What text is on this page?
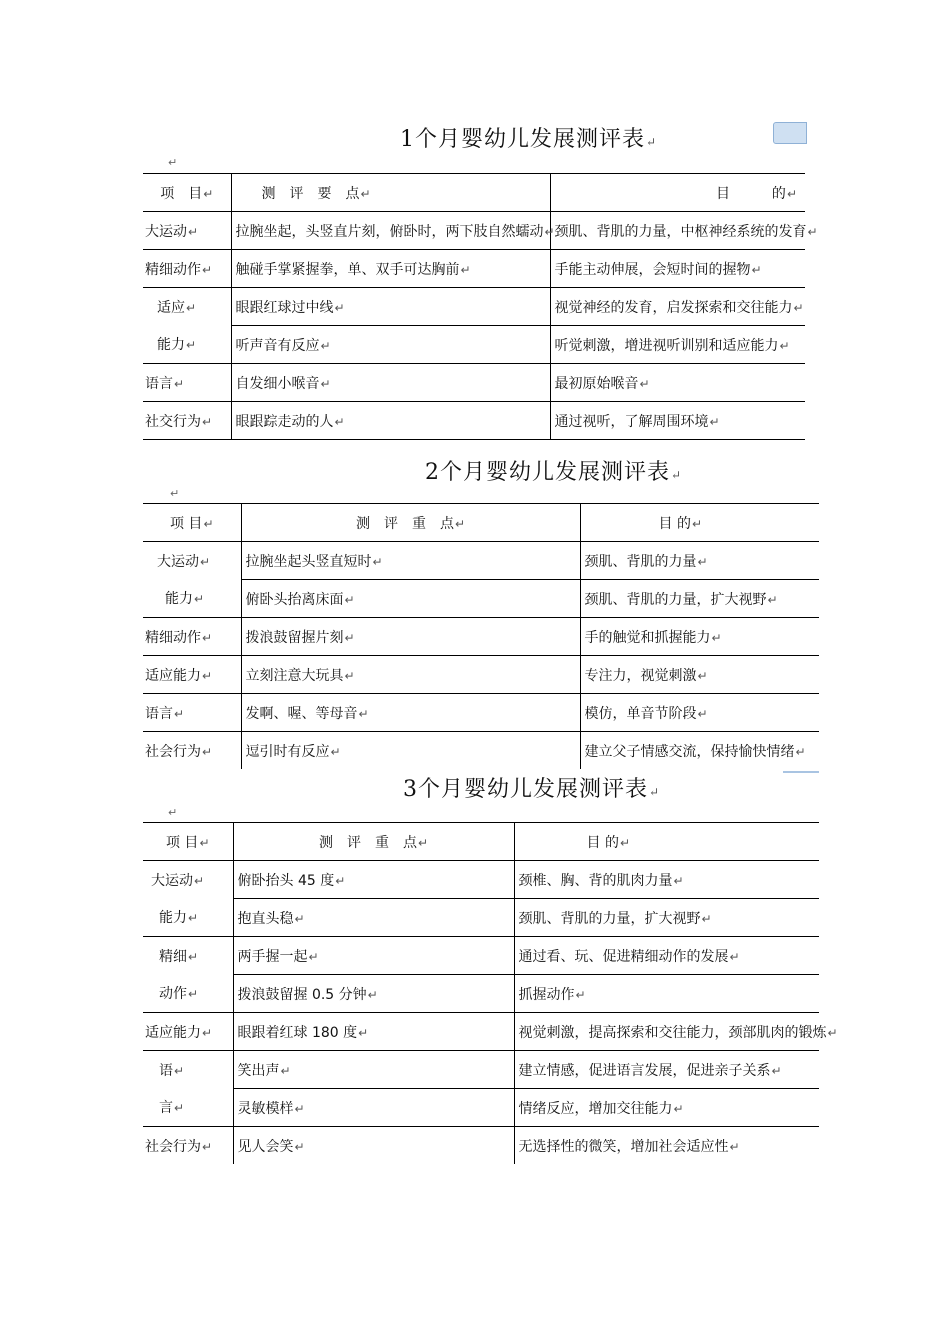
1个月婴幼儿发展测评表↵
↵
项　目↵	测　评　要　点↵	目　　　的↵
大运动↵	拉腕坐起，头竖直片刻，俯卧时，两下肢自然蠕动↵	颈肌、背肌的力量，中枢神经系统的发育↵
精细动作↵	触碰手掌紧握拳，单、双手可达胸前↵	手能主动伸展，会短时间的握物↵
适应↵	眼跟红球过中线↵	视觉神经的发育，启发探索和交往能力↵
能力↵	听声音有反应↵	听觉刺激，增进视听训别和适应能力↵
语言↵	自发细小喉音↵	最初原始喉音↵
社交行为↵	眼跟踪走动的人↵	通过视听，了解周围环境↵
2个月婴幼儿发展测评表↵
↵
项 目↵	测　评　重　点↵	目 的↵
大运动↵	拉腕坐起头竖直短时↵	颈肌、背肌的力量↵
能力↵	俯卧头抬离床面↵	颈肌、背肌的力量，扩大视野↵
精细动作↵	拨浪鼓留握片刻↵	手的触觉和抓握能力↵
适应能力↵	立刻注意大玩具↵	专注力，视觉刺激↵
语言↵	发啊、喔、等母音↵	模仿，单音节阶段↵
社会行为↵	逗引时有反应↵	建立父子情感交流，保持愉快情绪↵
3个月婴幼儿发展测评表↵
↵
项 目↵	测　评　重　点↵	目 的↵
大运动↵	俯卧抬头 45 度↵	颈椎、胸、背的肌肉力量↵
能力↵	抱直头稳↵	颈肌、背肌的力量，扩大视野↵
精细↵	两手握一起↵	通过看、玩、促进精细动作的发展↵
动作↵	拨浪鼓留握 0.5 分钟↵	抓握动作↵
适应能力↵	眼跟着红球 180 度↵	视觉刺激，提高探索和交往能力，颈部肌肉的锻炼↵
语↵	笑出声↵	建立情感，促进语言发展，促进亲子关系↵
言↵	灵敏模样↵	情绪反应，增加交往能力↵
社会行为↵	见人会笑↵	无选择性的微笑，增加社会适应性↵
